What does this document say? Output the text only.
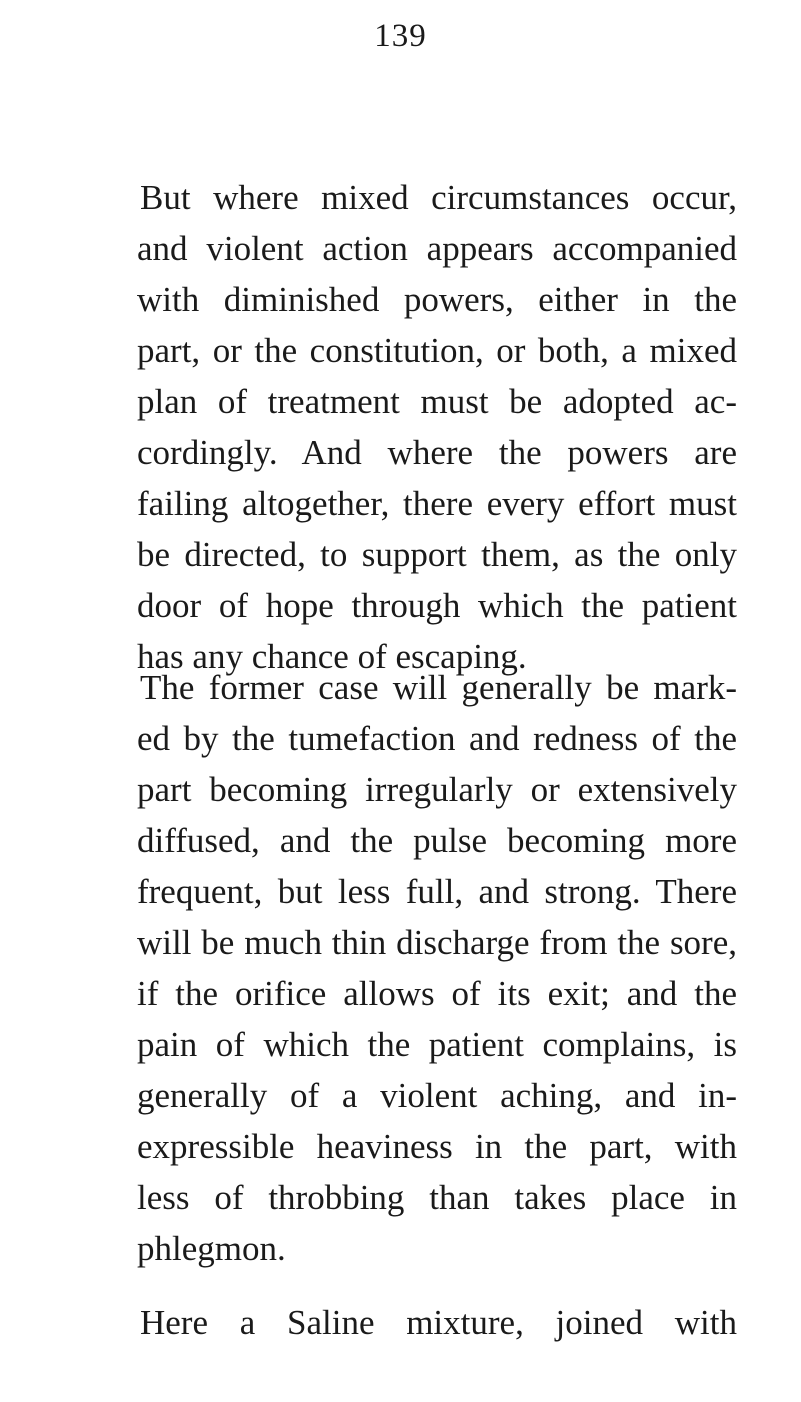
139
But where mixed circumstances occur,
and violent action appears accompanied
with diminished powers, either in the
part, or the constitution, or both, a mixed
plan of treatment must be adopted ac-
cordingly. And where the powers are
failing altogether, there every effort must
be directed, to support them, as the only
door of hope through which the patient
has any chance of escaping.
The former case will generally be mark-
ed by the tumefaction and redness of the
part becoming irregularly or extensively
diffused, and the pulse becoming more
frequent, but less full, and strong. There
will be much thin discharge from the sore,
if the orifice allows of its exit; and the
pain of which the patient complains, is
generally of a violent aching, and in-
expressible heaviness in the part, with
less of throbbing than takes place in
phlegmon.
Here a Saline mixture, joined with
